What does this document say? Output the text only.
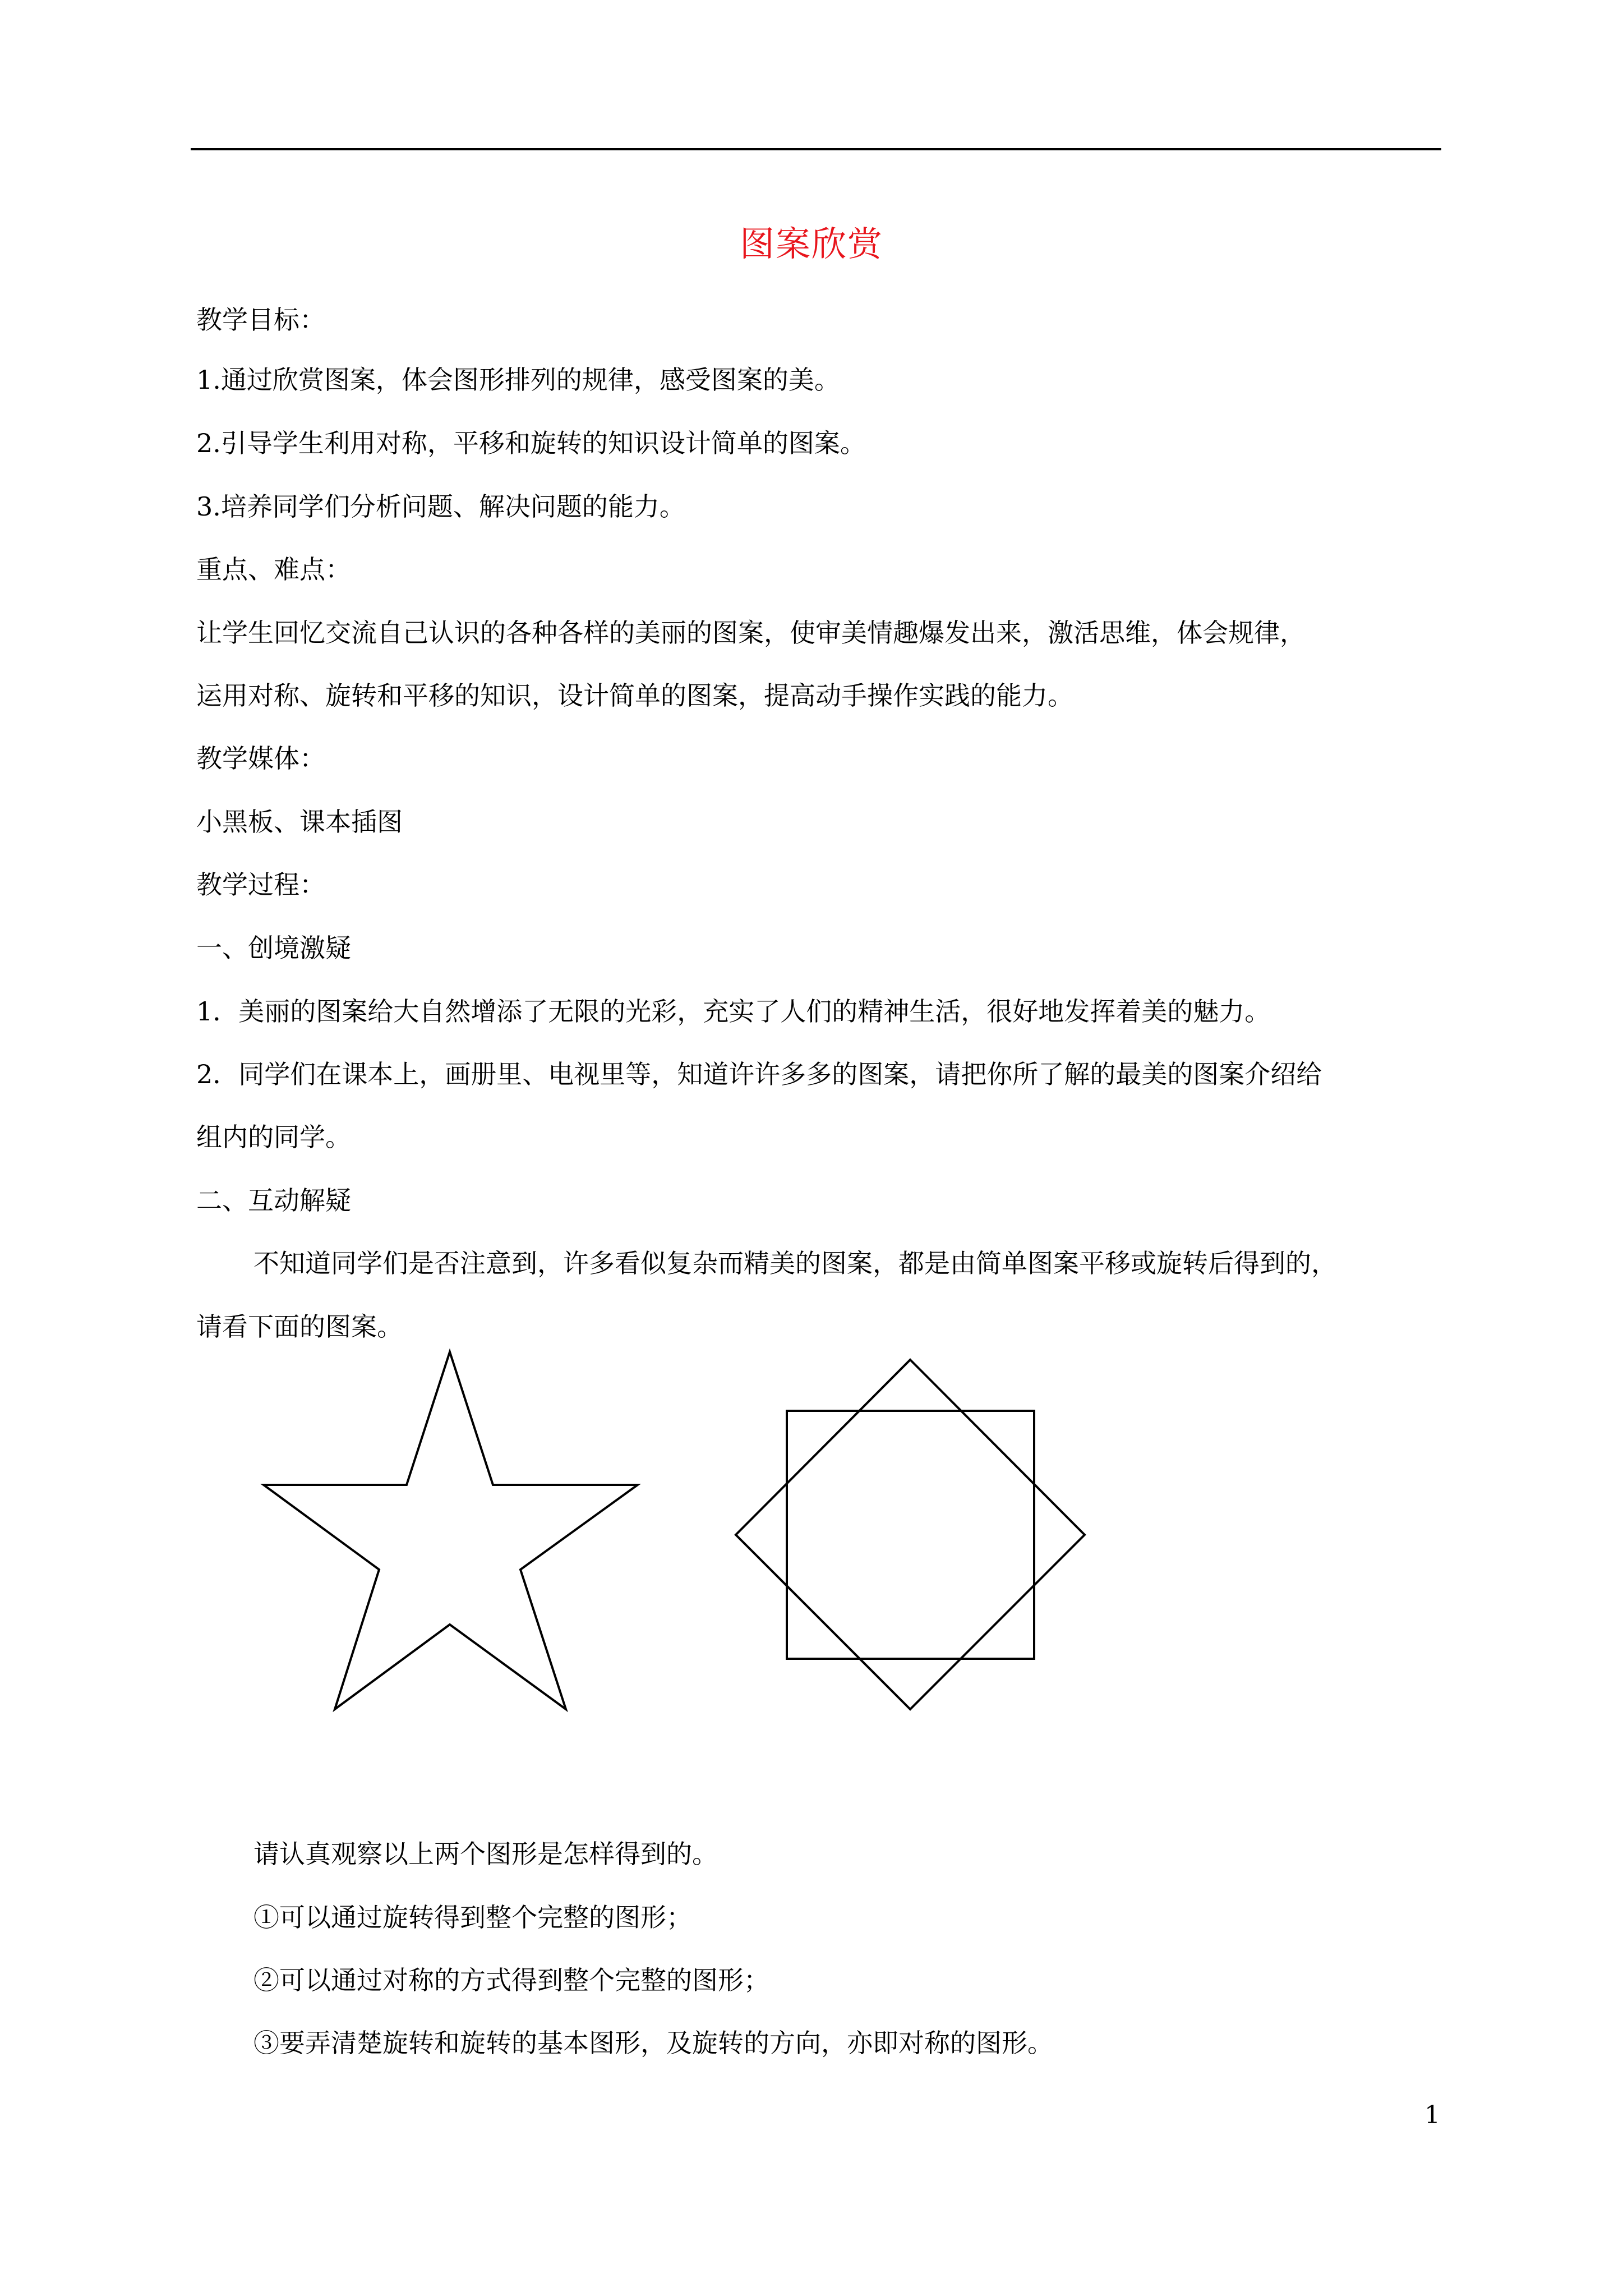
图案欣赏
教学目标：
1.通过欣赏图案，体会图形排列的规律，感受图案的美。
2.引导学生利用对称，平移和旋转的知识设计简单的图案。
3.培养同学们分析问题、解决问题的能力。
重点、难点：
让学生回忆交流自己认识的各种各样的美丽的图案，使审美情趣爆发出来，激活思维，体会规律，
运用对称、旋转和平移的知识，设计简单的图案，提高动手操作实践的能力。
教学媒体：
小黑板、课本插图
教学过程：
一、创境激疑
1．美丽的图案给大自然增添了无限的光彩，充实了人们的精神生活，很好地发挥着美的魅力。
2．同学们在课本上，画册里、电视里等，知道许许多多的图案，请把你所了解的最美的图案介绍给
组内的同学。
二、互动解疑
不知道同学们是否注意到，许多看似复杂而精美的图案，都是由简单图案平移或旋转后得到的，
请看下面的图案。
请认真观察以上两个图形是怎样得到的。
①可以通过旋转得到整个完整的图形；
②可以通过对称的方式得到整个完整的图形；
③要弄清楚旋转和旋转的基本图形，及旋转的方向，亦即对称的图形。
1
